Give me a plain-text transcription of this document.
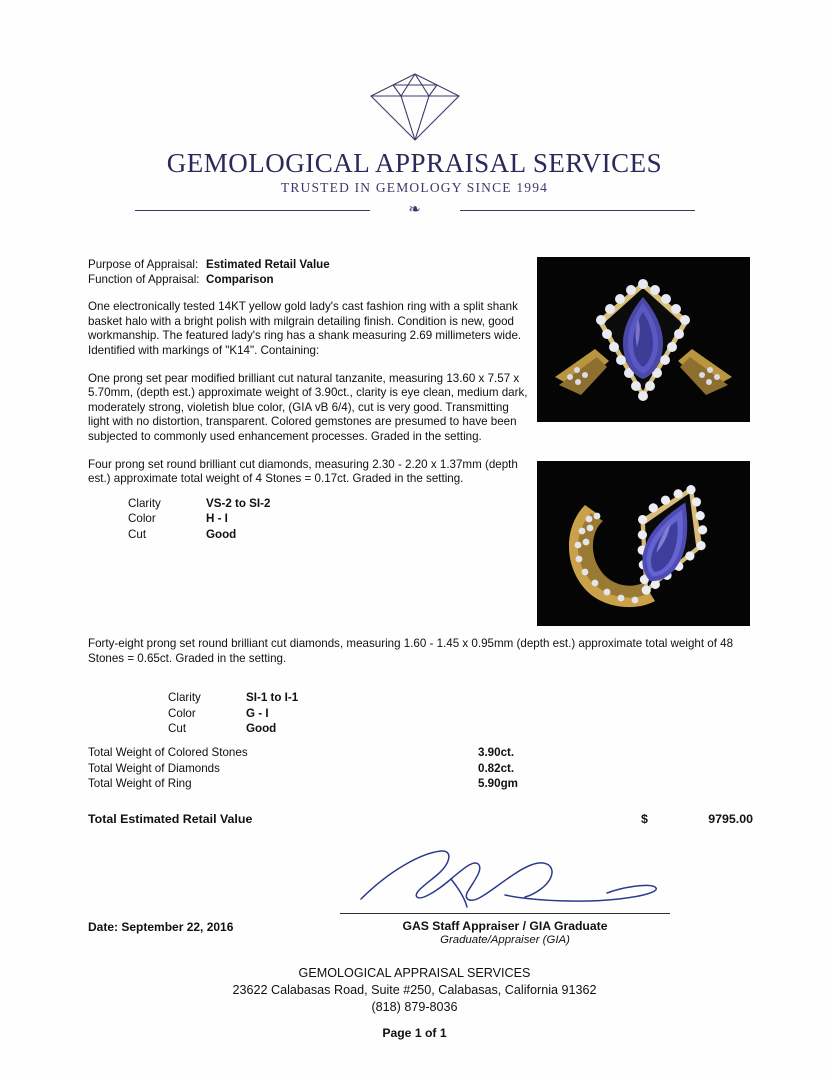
GEMOLOGICAL APPRAISAL SERVICES
TRUSTED IN GEMOLOGY SINCE 1994
❧
Purpose of Appraisal: Estimated Retail Value
Function of Appraisal: Comparison
One electronically tested 14KT yellow gold lady's cast fashion ring with a split shank basket halo with a bright polish with milgrain detailing finish. Condition is new, good workmanship. The featured lady's ring has a shank measuring 2.69 millimeters wide. Identified with markings of "K14". Containing:
One prong set pear modified brilliant cut natural tanzanite, measuring 13.60 x 7.57 x 5.70mm, (depth est.) approximate weight of 3.90ct., clarity is eye clean, medium dark, moderately strong, violetish blue color, (GIA vB 6/4), cut is very good. Transmitting light with no distortion, transparent. Colored gemstones are presumed to have been subjected to commonly used enhancement processes. Graded in the setting.
Four prong set round brilliant cut diamonds, measuring 2.30 - 2.20 x 1.37mm (depth est.) approximate total weight of 4 Stones = 0.17ct. Graded in the setting.
Clarity	VS-2 to SI-2
Color	H - I
Cut	Good
Forty-eight prong set round brilliant cut diamonds, measuring 1.60 - 1.45 x 0.95mm (depth est.) approximate total weight of 48 Stones = 0.65ct. Graded in the setting.
Clarity	SI-1 to I-1
Color	G - I
Cut	Good
Total Weight of Colored Stones	3.90ct.
Total Weight of Diamonds	0.82ct.
Total Weight of Ring	5.90gm
Total Estimated Retail Value	$	9795.00
Date: September 22, 2016	GAS Staff Appraiser / GIA Graduate
Graduate/Appraiser (GIA)
GEMOLOGICAL APPRAISAL SERVICES
23622 Calabasas Road, Suite #250, Calabasas, California 91362
(818) 879-8036
Page 1 of 1
